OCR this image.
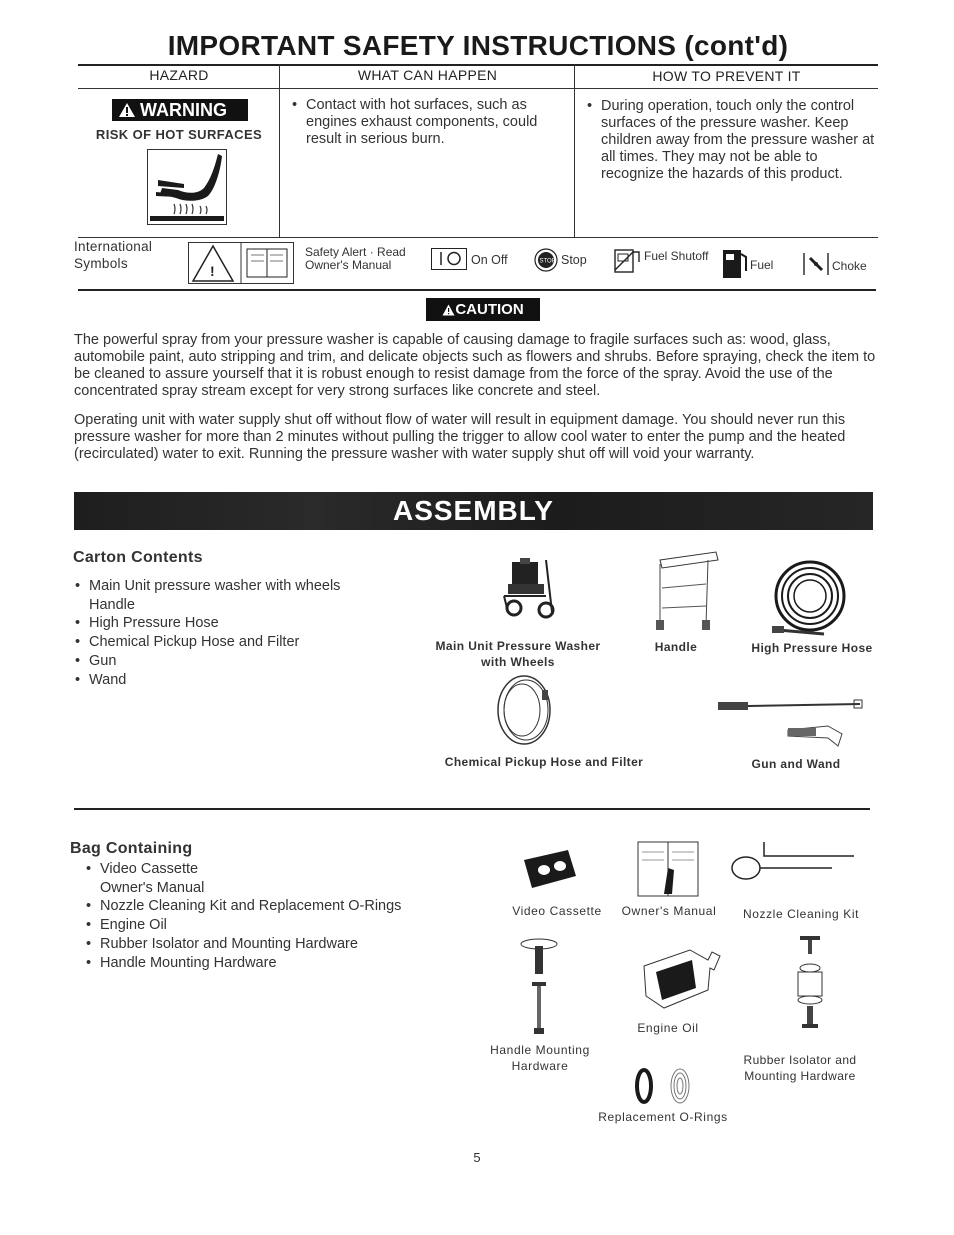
IMPORTANT SAFETY INSTRUCTIONS (cont'd)
HAZARD	WHAT CAN HAPPEN	HOW TO PREVENT IT
WARNING
RISK OF HOT SURFACES
• Contact with hot surfaces, such as engines exhaust components, could result in serious burn.
• During operation, touch only the control surfaces of the pressure washer. Keep children away from the pressure washer at all times. They may not be able to recognize the hazards of this product.
International Symbols	!
Safety Alert · Read Owner's Manual	On Off	STOP Stop	Fuel Shutoff
Fuel	Choke
CAUTION
The powerful spray from your pressure washer is capable of causing damage to fragile surfaces such as: wood, glass, automobile paint, auto stripping and trim, and delicate objects such as flowers and shrubs. Before spraying, check the item to be cleaned to assure yourself that it is robust enough to resist damage from the force of the spray. Avoid the use of the concentrated spray stream except for very strong surfaces like concrete and steel.
Operating unit with water supply shut off without flow of water will result in equipment damage. You should never run this pressure washer for more than 2 minutes without pulling the trigger to allow cool water to enter the pump and the heated (recirculated) water to exit. Running the pressure washer with water supply shut off will void your warranty.
ASSEMBLY
Carton Contents
• Main Unit pressure washer with wheels
Handle
• High Pressure Hose
• Chemical Pickup Hose and Filter
• Gun
• Wand
Main Unit Pressure Washer with Wheels
Handle	High Pressure Hose
Chemical Pickup Hose and Filter	Gun and Wand
Bag Containing
• Video Cassette
Owner's Manual
• Nozzle Cleaning Kit and Replacement O-Rings
• Engine Oil
• Rubber Isolator and Mounting Hardware
• Handle Mounting Hardware
Video Cassette	Owner's Manual	Nozzle Cleaning Kit
Handle Mounting Hardware
Engine Oil
Rubber Isolator and Mounting Hardware
Replacement O-Rings
5
